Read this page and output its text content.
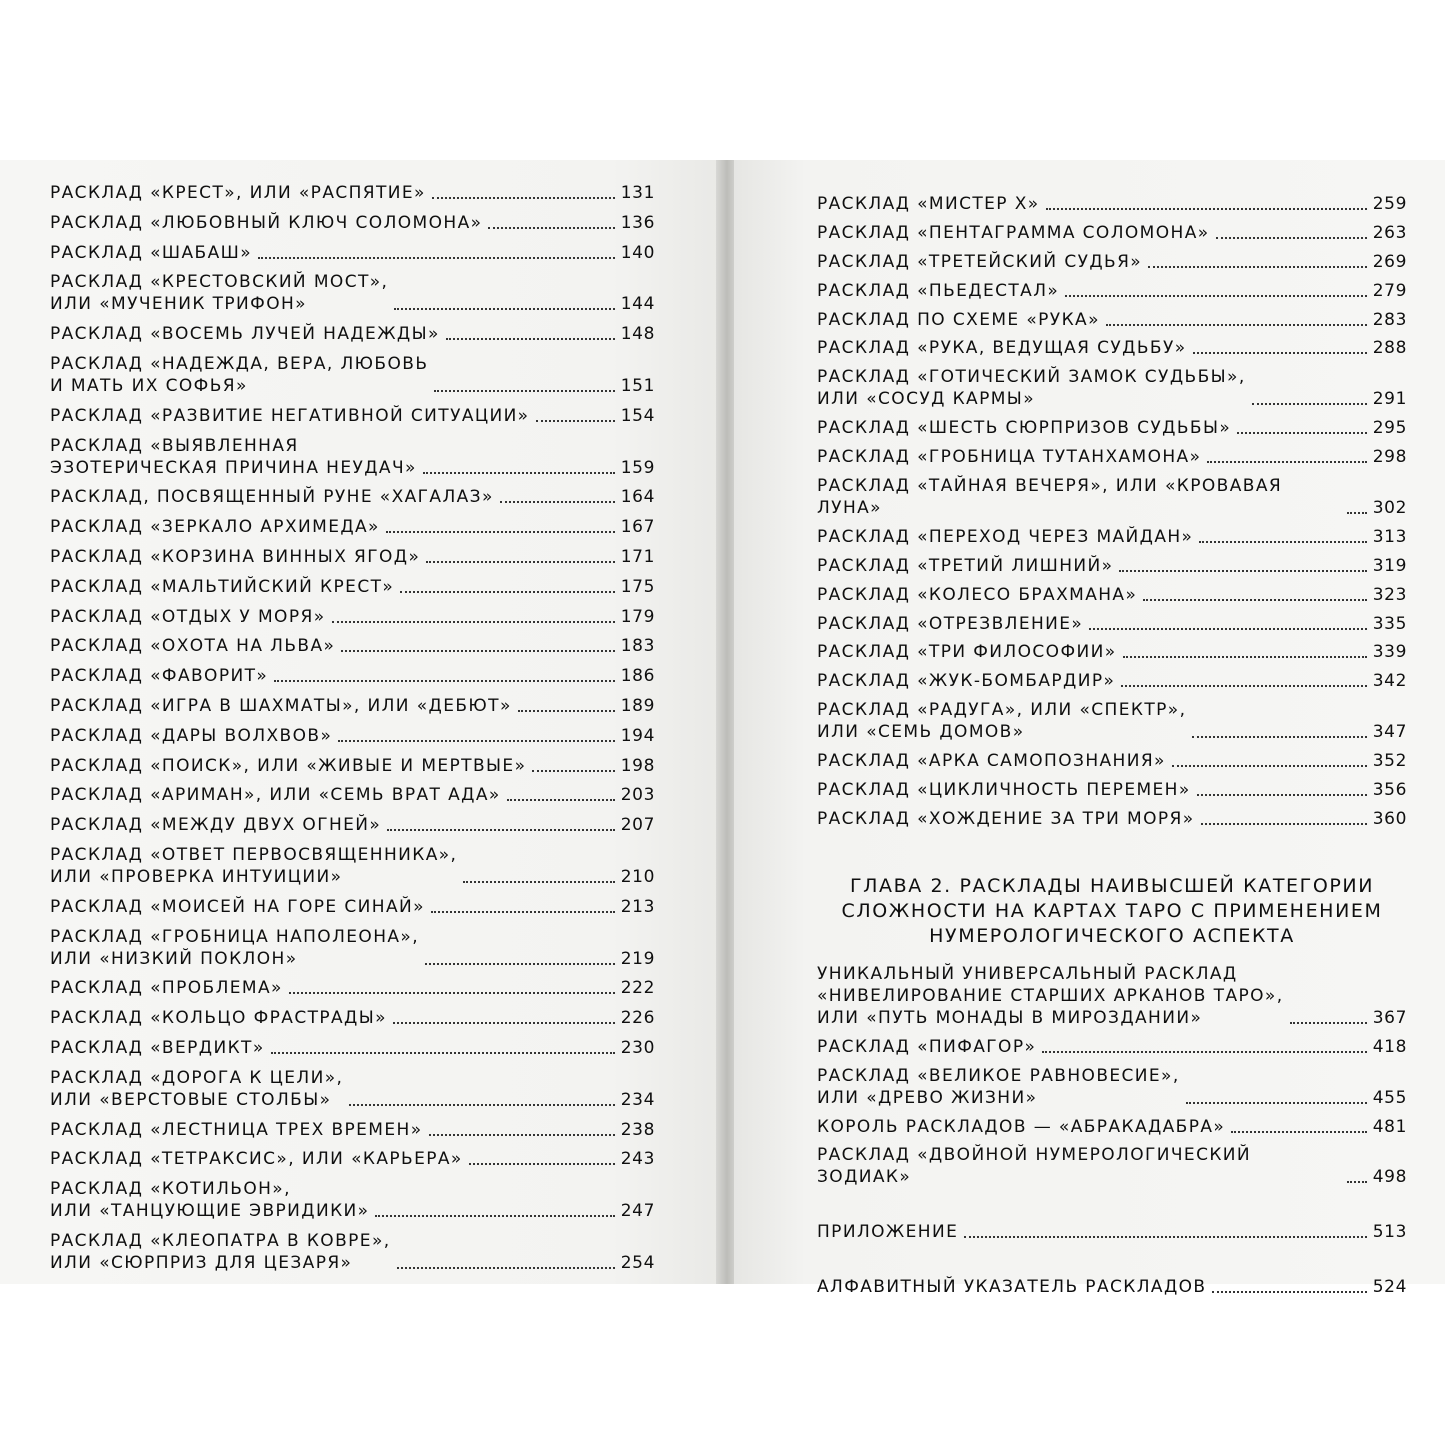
РАСКЛАД «КРЕСТ», ИЛИ «РАСПЯТИЕ»	131
РАСКЛАД «ЛЮБОВНЫЙ КЛЮЧ СОЛОМОНА»	136
РАСКЛАД «ШАБАШ»	140
РАСКЛАД «КРЕСТОВСКИЙ МОСТ»,
ИЛИ «МУЧЕНИК ТРИФОН»	144
РАСКЛАД «ВОСЕМЬ ЛУЧЕЙ НАДЕЖДЫ»	148
РАСКЛАД «НАДЕЖДА, ВЕРА, ЛЮБОВЬ
И МАТЬ ИХ СОФЬЯ»	151
РАСКЛАД «РАЗВИТИЕ НЕГАТИВНОЙ СИТУАЦИИ»	154
РАСКЛАД «ВЫЯВЛЕННАЯ
ЭЗОТЕРИЧЕСКАЯ ПРИЧИНА НЕУДАЧ»	159
РАСКЛАД, ПОСВЯЩЕННЫЙ РУНЕ «ХАГАЛАЗ»	164
РАСКЛАД «ЗЕРКАЛО АРХИМЕДА»	167
РАСКЛАД «КОРЗИНА ВИННЫХ ЯГОД»	171
РАСКЛАД «МАЛЬТИЙСКИЙ КРЕСТ»	175
РАСКЛАД «ОТДЫХ У МОРЯ»	179
РАСКЛАД «ОХОТА НА ЛЬВА»	183
РАСКЛАД «ФАВОРИТ»	186
РАСКЛАД «ИГРА В ШАХМАТЫ», ИЛИ «ДЕБЮТ»	189
РАСКЛАД «ДАРЫ ВОЛХВОВ»	194
РАСКЛАД «ПОИСК», ИЛИ «ЖИВЫЕ И МЕРТВЫЕ»	198
РАСКЛАД «АРИМАН», ИЛИ «СЕМЬ ВРАТ АДА»	203
РАСКЛАД «МЕЖДУ ДВУХ ОГНЕЙ»	207
РАСКЛАД «ОТВЕТ ПЕРВОСВЯЩЕННИКА»,
ИЛИ «ПРОВЕРКА ИНТУИЦИИ»	210
РАСКЛАД «МОИСЕЙ НА ГОРЕ СИНАЙ»	213
РАСКЛАД «ГРОБНИЦА НАПОЛЕОНА»,
ИЛИ «НИЗКИЙ ПОКЛОН»	219
РАСКЛАД «ПРОБЛЕМА»	222
РАСКЛАД «КОЛЬЦО ФРАСТРАДЫ»	226
РАСКЛАД «ВЕРДИКТ»	230
РАСКЛАД «ДОРОГА К ЦЕЛИ»,
ИЛИ «ВЕРСТОВЫЕ СТОЛБЫ»	234
РАСКЛАД «ЛЕСТНИЦА ТРЕХ ВРЕМЕН»	238
РАСКЛАД «ТЕТРАКСИС», ИЛИ «КАРЬЕРА»	243
РАСКЛАД «КОТИЛЬОН»,
ИЛИ «ТАНЦУЮЩИЕ ЭВРИДИКИ»	247
РАСКЛАД «КЛЕОПАТРА В КОВРЕ»,
ИЛИ «СЮРПРИЗ ДЛЯ ЦЕЗАРЯ»	254
РАСКЛАД «МИСТЕР Х»	259
РАСКЛАД «ПЕНТАГРАММА СОЛОМОНА»	263
РАСКЛАД «ТРЕТЕЙСКИЙ СУДЬЯ»	269
РАСКЛАД «ПЬЕДЕСТАЛ»	279
РАСКЛАД ПО СХЕМЕ «РУКА»	283
РАСКЛАД «РУКА, ВЕДУЩАЯ СУДЬБУ»	288
РАСКЛАД «ГОТИЧЕСКИЙ ЗАМОК СУДЬБЫ»,
ИЛИ «СОСУД КАРМЫ»	291
РАСКЛАД «ШЕСТЬ СЮРПРИЗОВ СУДЬБЫ»	295
РАСКЛАД «ГРОБНИЦА ТУТАНХАМОНА»	298
РАСКЛАД «ТАЙНАЯ ВЕЧЕРЯ», ИЛИ «КРОВАВАЯ ЛУНА»	302
РАСКЛАД «ПЕРЕХОД ЧЕРЕЗ МАЙДАН»	313
РАСКЛАД «ТРЕТИЙ ЛИШНИЙ»	319
РАСКЛАД «КОЛЕСО БРАХМАНА»	323
РАСКЛАД «ОТРЕЗВЛЕНИЕ»	335
РАСКЛАД «ТРИ ФИЛОСОФИИ»	339
РАСКЛАД «ЖУК-БОМБАРДИР»	342
РАСКЛАД «РАДУГА», ИЛИ «СПЕКТР»,
ИЛИ «СЕМЬ ДОМОВ»	347
РАСКЛАД «АРКА САМОПОЗНАНИЯ»	352
РАСКЛАД «ЦИКЛИЧНОСТЬ ПЕРЕМЕН»	356
РАСКЛАД «ХОЖДЕНИЕ ЗА ТРИ МОРЯ»	360
ГЛАВА 2. РАСКЛАДЫ НАИВЫСШЕЙ КАТЕГОРИИ
СЛОЖНОСТИ НА КАРТАХ ТАРО С ПРИМЕНЕНИЕМ
НУМЕРОЛОГИЧЕСКОГО АСПЕКТА
УНИКАЛЬНЫЙ УНИВЕРСАЛЬНЫЙ РАСКЛАД
«НИВЕЛИРОВАНИЕ СТАРШИХ АРКАНОВ ТАРО»,
ИЛИ «ПУТЬ МОНАДЫ В МИРОЗДАНИИ»	367
РАСКЛАД «ПИФАГОР»	418
РАСКЛАД «ВЕЛИКОЕ РАВНОВЕСИЕ»,
ИЛИ «ДРЕВО ЖИЗНИ»	455
КОРОЛЬ РАСКЛАДОВ — «АБРАКАДАБРА»	481
РАСКЛАД «ДВОЙНОЙ НУМЕРОЛОГИЧЕСКИЙ ЗОДИАК»	498
ПРИЛОЖЕНИЕ	513
АЛФАВИТНЫЙ УКАЗАТЕЛЬ РАСКЛАДОВ	524
